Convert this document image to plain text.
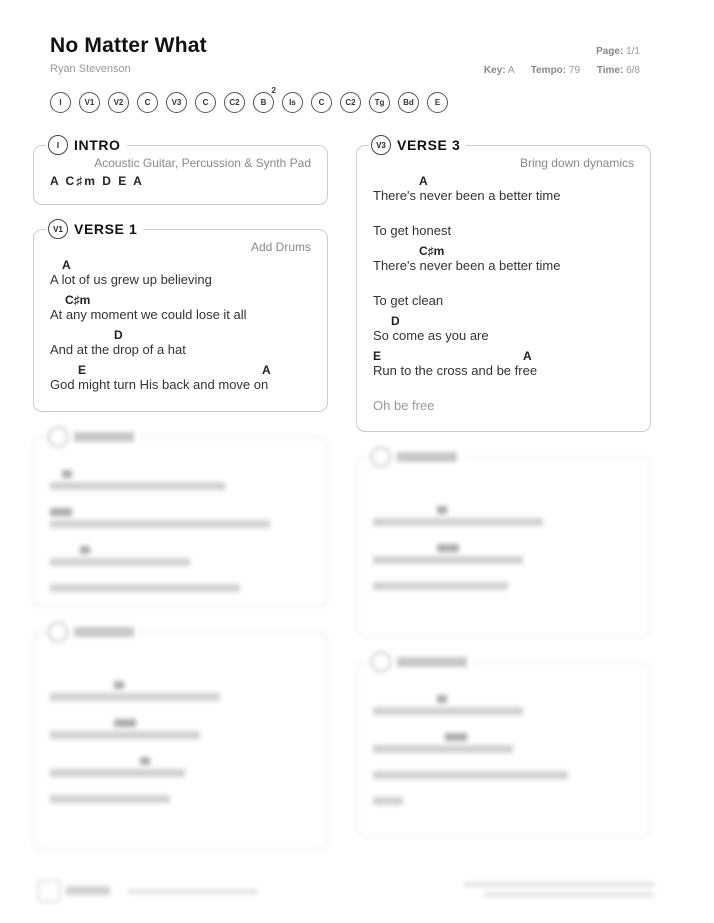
No Matter What
Ryan Stevenson
Page: 1/1
Key: A Tempo: 79 Time: 6/8
I	V1 V2	C	V3	C	C2	B
2
Is	C	C2 Tg Bd	E
I	INTRO
Acoustic Guitar, Percussion & Synth Pad
A C♯m D E A
V1 VERSE 1
Add Drums
A
A lot of us grew up believing
C♯m
At any moment we could lose it all
D
And at the drop of a hat
E	A
God might turn His back and move on
V3 VERSE 3
Bring down dynamics
A
There's never been a better time
To get honest
C♯m
There's never been a better time
To get clean
D
So come as you are
E	A
Run to the cross and be free
Oh be free
